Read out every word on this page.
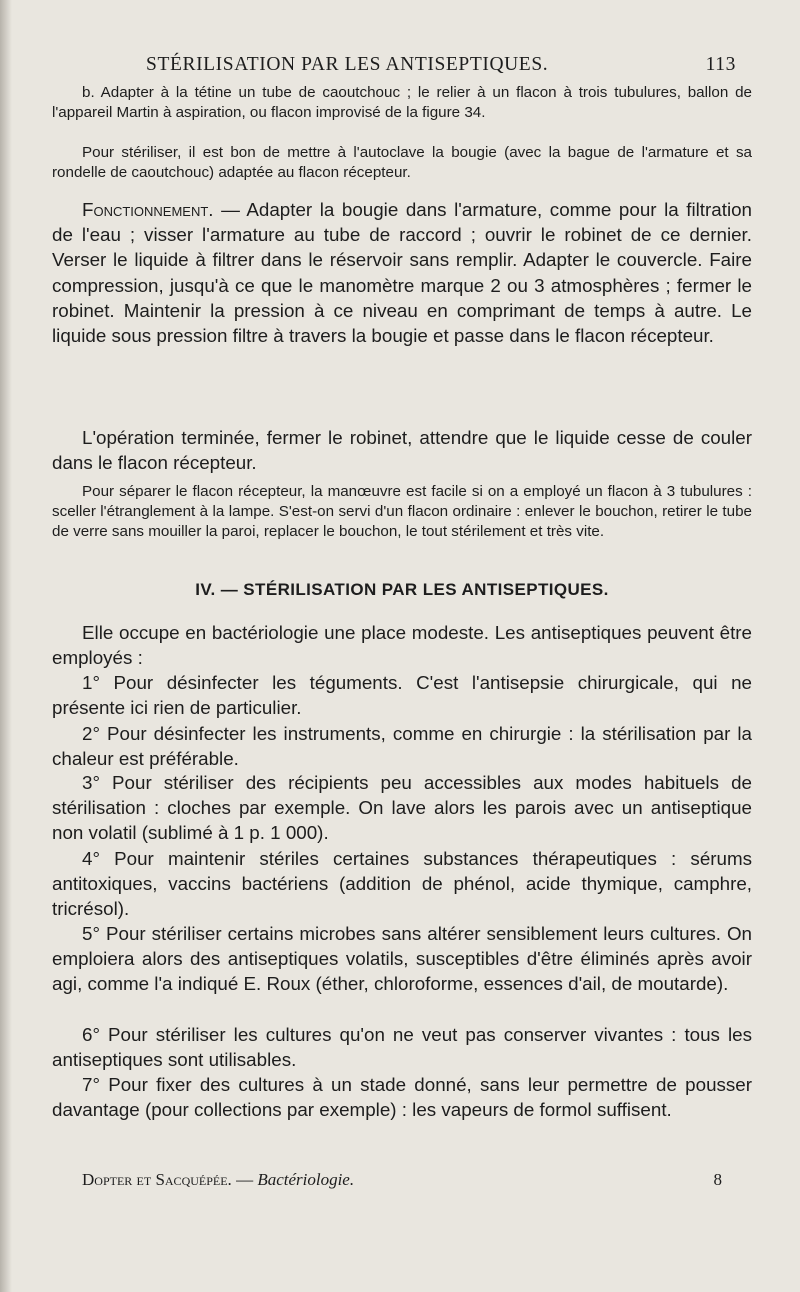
STÉRILISATION PAR LES ANTISEPTIQUES.	113

b. Adapter à la tétine un tube de caoutchouc ; le relier à un flacon à trois tubulures, ballon de l'appareil Martin à aspiration, ou flacon improvisé de la figure 34.

Pour stériliser, il est bon de mettre à l'autoclave la bougie (avec la bague de l'armature et sa rondelle de caoutchouc) adaptée au flacon récepteur.

Fonctionnement. — Adapter la bougie dans l'armature, comme pour la filtration de l'eau ; visser l'armature au tube de raccord ; ouvrir le robinet de ce dernier. Verser le liquide à filtrer dans le réservoir sans remplir. Adapter le couvercle. Faire compression, jusqu'à ce que le manomètre marque 2 ou 3 atmosphères ; fermer le robinet. Maintenir la pression à ce niveau en comprimant de temps à autre. Le liquide sous pression filtre à travers la bougie et passe dans le flacon récepteur.

L'opération terminée, fermer le robinet, attendre que le liquide cesse de couler dans le flacon récepteur.

Pour séparer le flacon récepteur, la manœuvre est facile si on a employé un flacon à 3 tubulures : sceller l'étranglement à la lampe. S'est-on servi d'un flacon ordinaire : enlever le bouchon, retirer le tube de verre sans mouiller la paroi, replacer le bouchon, le tout stérilement et très vite.

IV. — STÉRILISATION PAR LES ANTISEPTIQUES.

Elle occupe en bactériologie une place modeste. Les antiseptiques peuvent être employés :

1° Pour désinfecter les téguments. C'est l'antisepsie chirurgicale, qui ne présente ici rien de particulier.

2° Pour désinfecter les instruments, comme en chirurgie : la stérilisation par la chaleur est préférable.

3° Pour stériliser des récipients peu accessibles aux modes habituels de stérilisation : cloches par exemple. On lave alors les parois avec un antiseptique non volatil (sublimé à 1 p. 1 000).

4° Pour maintenir stériles certaines substances thérapeutiques : sérums antitoxiques, vaccins bactériens (addition de phénol, acide thymique, camphre, tricrésol).

5° Pour stériliser certains microbes sans altérer sensiblement leurs cultures. On emploiera alors des antiseptiques volatils, susceptibles d'être éliminés après avoir agi, comme l'a indiqué E. Roux (éther, chloroforme, essences d'ail, de moutarde).

6° Pour stériliser les cultures qu'on ne veut pas conserver vivantes : tous les antiseptiques sont utilisables.

7° Pour fixer des cultures à un stade donné, sans leur permettre de pousser davantage (pour collections par exemple) : les vapeurs de formol suffisent.

Dopter et Sacquépée. — Bactériologie.	8
